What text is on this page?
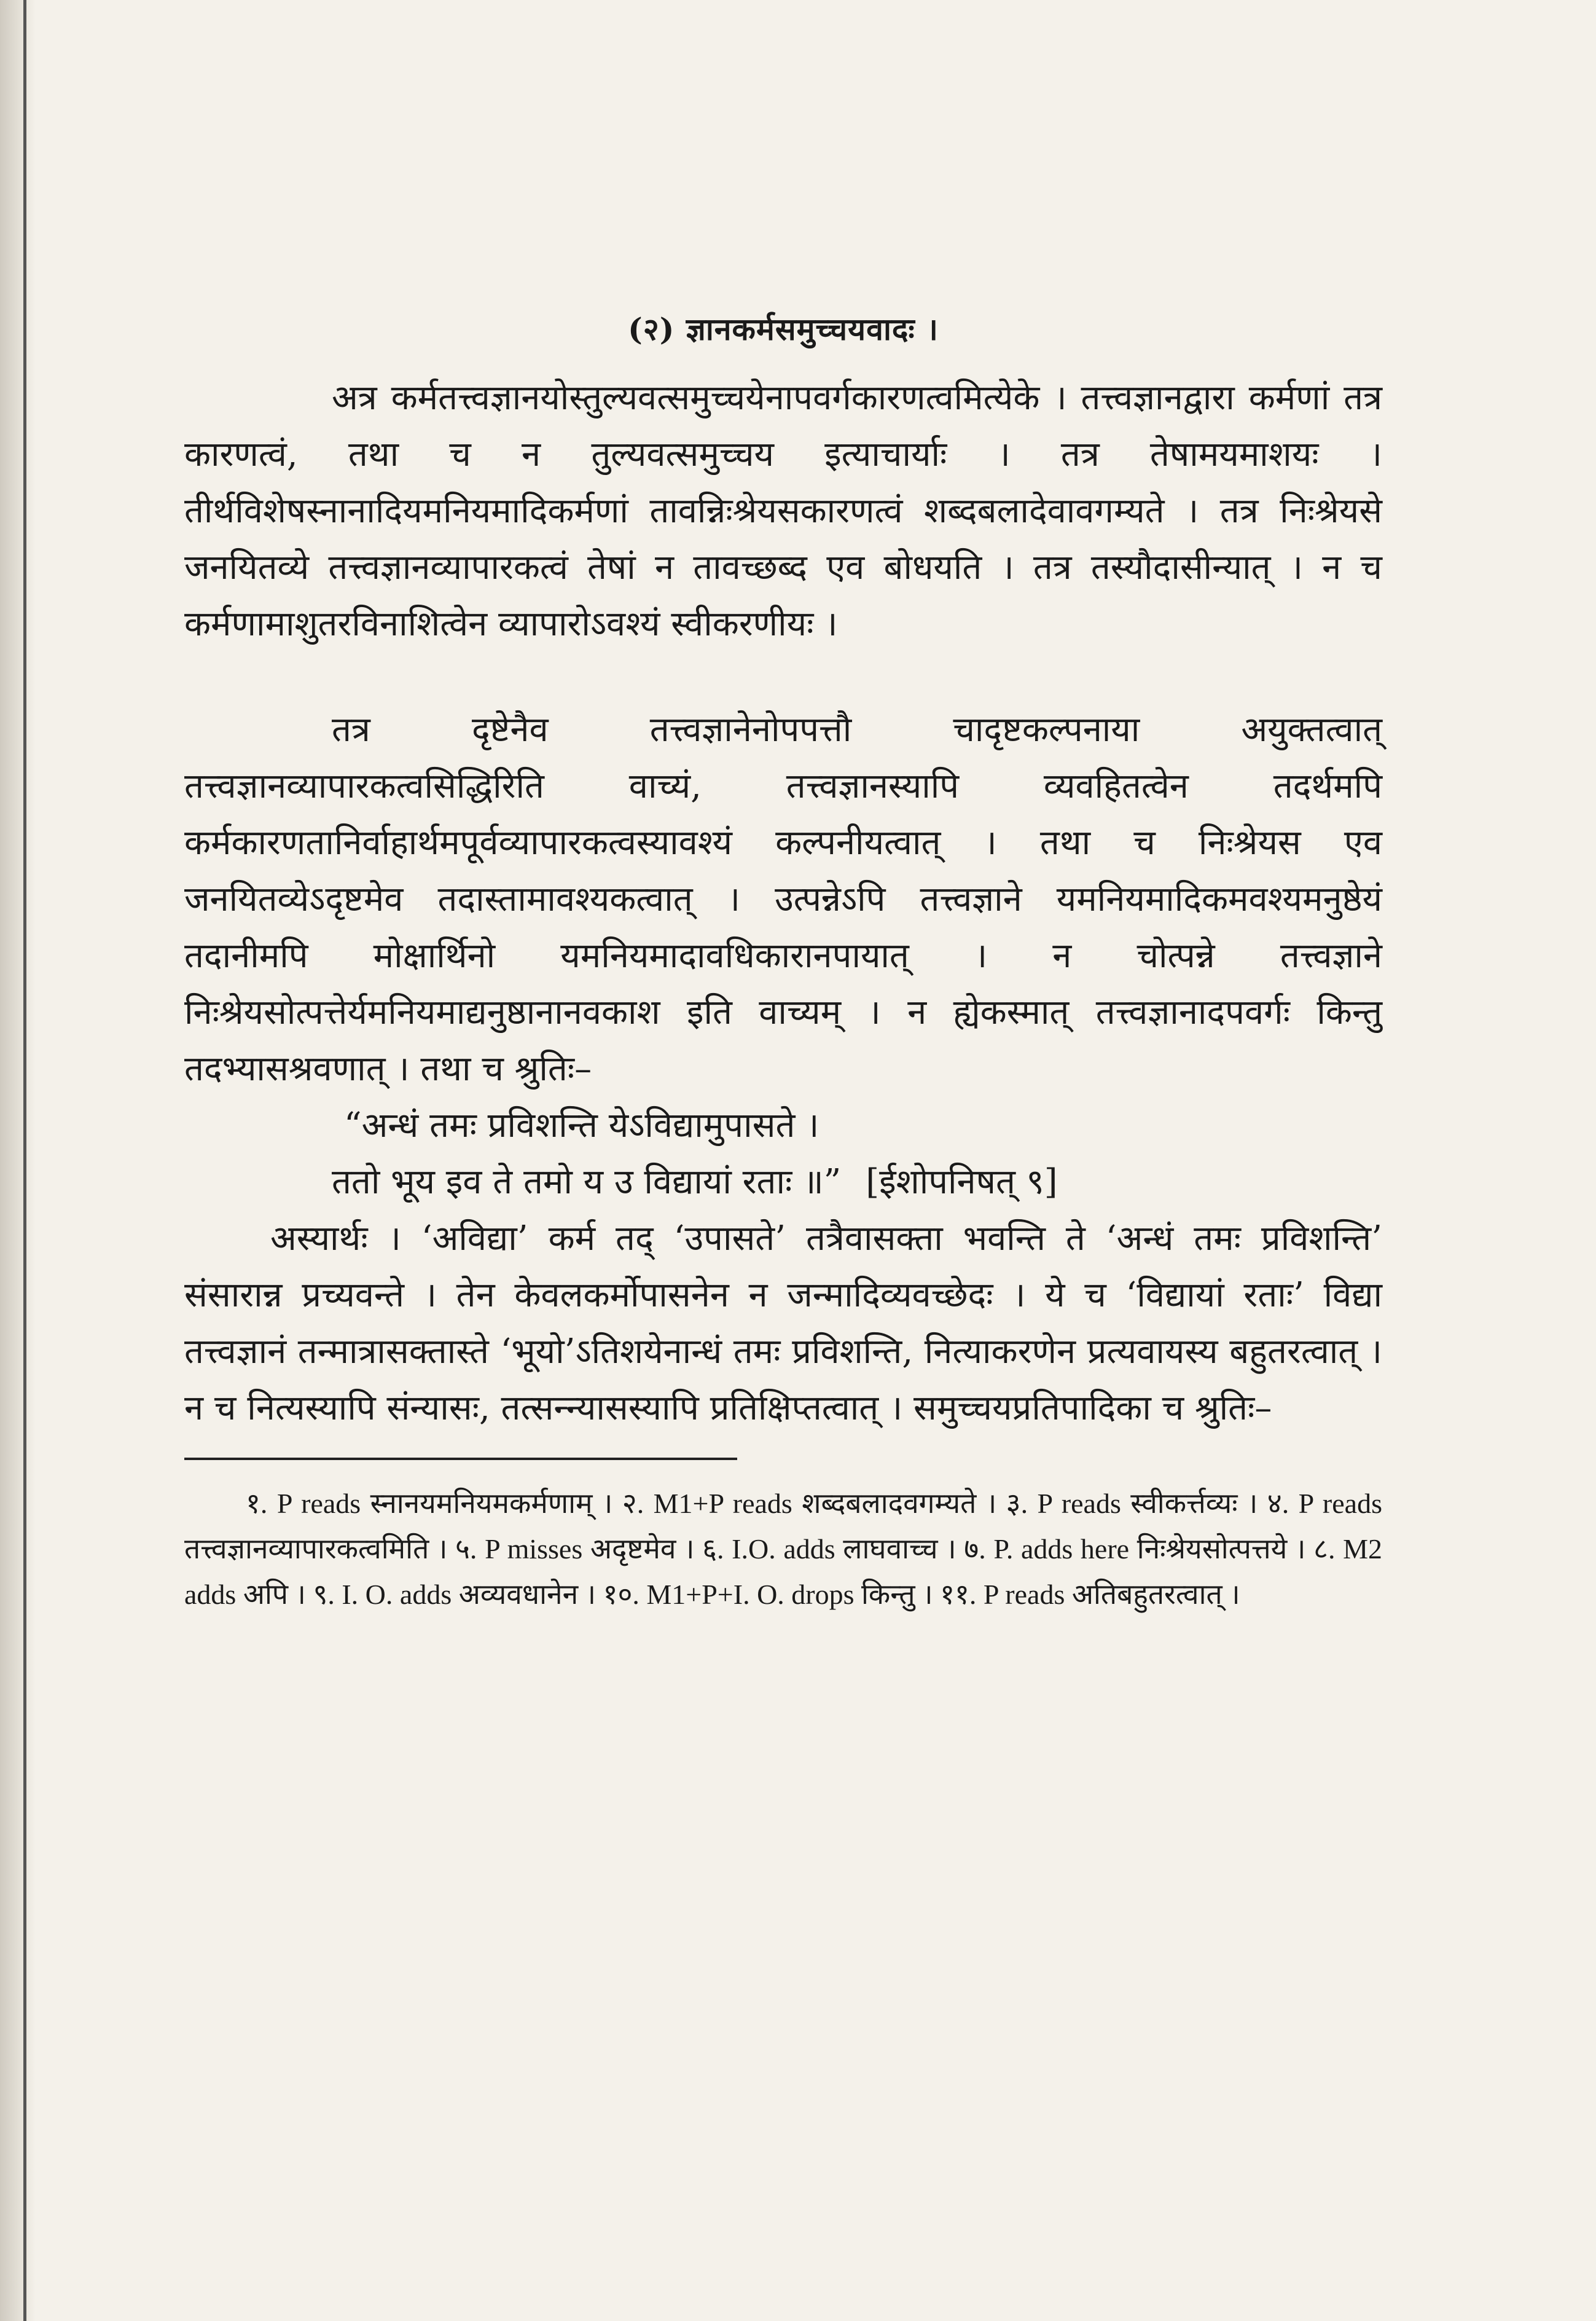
(२) ज्ञानकर्मसमुच्चयवादः ।

अत्र कर्मतत्त्वज्ञानयोस्तुल्यवत्समुच्चयेनापवर्गकारणत्वमित्येके । तत्त्वज्ञानद्वारा कर्मणां तत्र कारणत्वं, तथा च न तुल्यवत्समुच्चय इत्याचार्याः । तत्र तेषामयमाशयः । तीर्थविशेषस्नानादियमनियमादिकर्मणां तावन्निःश्रेयसकारणत्वं शब्दबलादेवावगम्यते । तत्र निःश्रेयसे जनयितव्ये तत्त्वज्ञानव्यापारकत्वं तेषां न तावच्छब्द एव बोधयति । तत्र तस्यौदासीन्यात् । न च कर्मणामाशुतरविनाशित्वेन व्यापारोऽवश्यं स्वीकरणीयः ।

तत्र दृष्टेनैव तत्त्वज्ञानेनोपपत्तौ चादृष्टकल्पनाया अयुक्तत्वात् तत्त्वज्ञानव्यापारकत्वसिद्धिरिति वाच्यं, तत्त्वज्ञानस्यापि व्यवहितत्वेन तदर्थमपि कर्मकारणतानिर्वाहार्थमपूर्वव्यापारकत्वस्यावश्यं कल्पनीयत्वात् । तथा च निःश्रेयस एव जनयितव्येऽदृष्टमेव तदास्तामावश्यकत्वात् । उत्पन्नेऽपि तत्त्वज्ञाने यमनियमादिकमवश्यमनुष्ठेयं तदानीमपि मोक्षार्थिनो यमनियमादावधिकारानपायात् । न चोत्पन्ने तत्त्वज्ञाने निःश्रेयसोत्पत्तेर्यमनियमाद्यनुष्ठानानवकाश इति वाच्यम् । न ह्येकस्मात् तत्त्वज्ञानादपवर्गः किन्तु तदभ्यासश्रवणात् । तथा च श्रुतिः–

“अन्धं तमः प्रविशन्ति येऽविद्यामुपासते ।

ततो भूय इव ते तमो य उ विद्यायां रताः ॥” [ईशोपनिषत् ९]

अस्यार्थः । ‘अविद्या’ कर्म तद् ‘उपासते’ तत्रैवासक्ता भवन्ति ते ‘अन्धं तमः प्रविशन्ति’ संसारान्न प्रच्यवन्ते । तेन केवलकर्मोपासनेन न जन्मादिव्यवच्छेदः । ये च ‘विद्यायां रताः’ विद्या तत्त्वज्ञानं तन्मात्रासक्तास्ते ‘भूयो’ऽतिशयेनान्धं तमः प्रविशन्ति, नित्याकरणेन प्रत्यवायस्य बहुतरत्वात् । न च नित्यस्यापि संन्यासः, तत्सन्न्यासस्यापि प्रतिक्षिप्तत्वात् । समुच्चयप्रतिपादिका च श्रुतिः–

१. P reads स्नानयमनियमकर्मणाम् । २. M1+P reads शब्दबलादवगम्यते । ३. P reads स्वीकर्त्तव्यः । ४. P reads तत्त्वज्ञानव्यापारकत्वमिति । ५. P misses अदृष्टमेव । ६. I.O. adds लाघवाच्च । ७. P. adds here निःश्रेयसोत्पत्तये । ८. M2 adds अपि । ९. I. O. adds अव्यवधानेन । १०. M1+P+I. O. drops किन्तु । ११. P reads अतिबहुतरत्वात् ।
